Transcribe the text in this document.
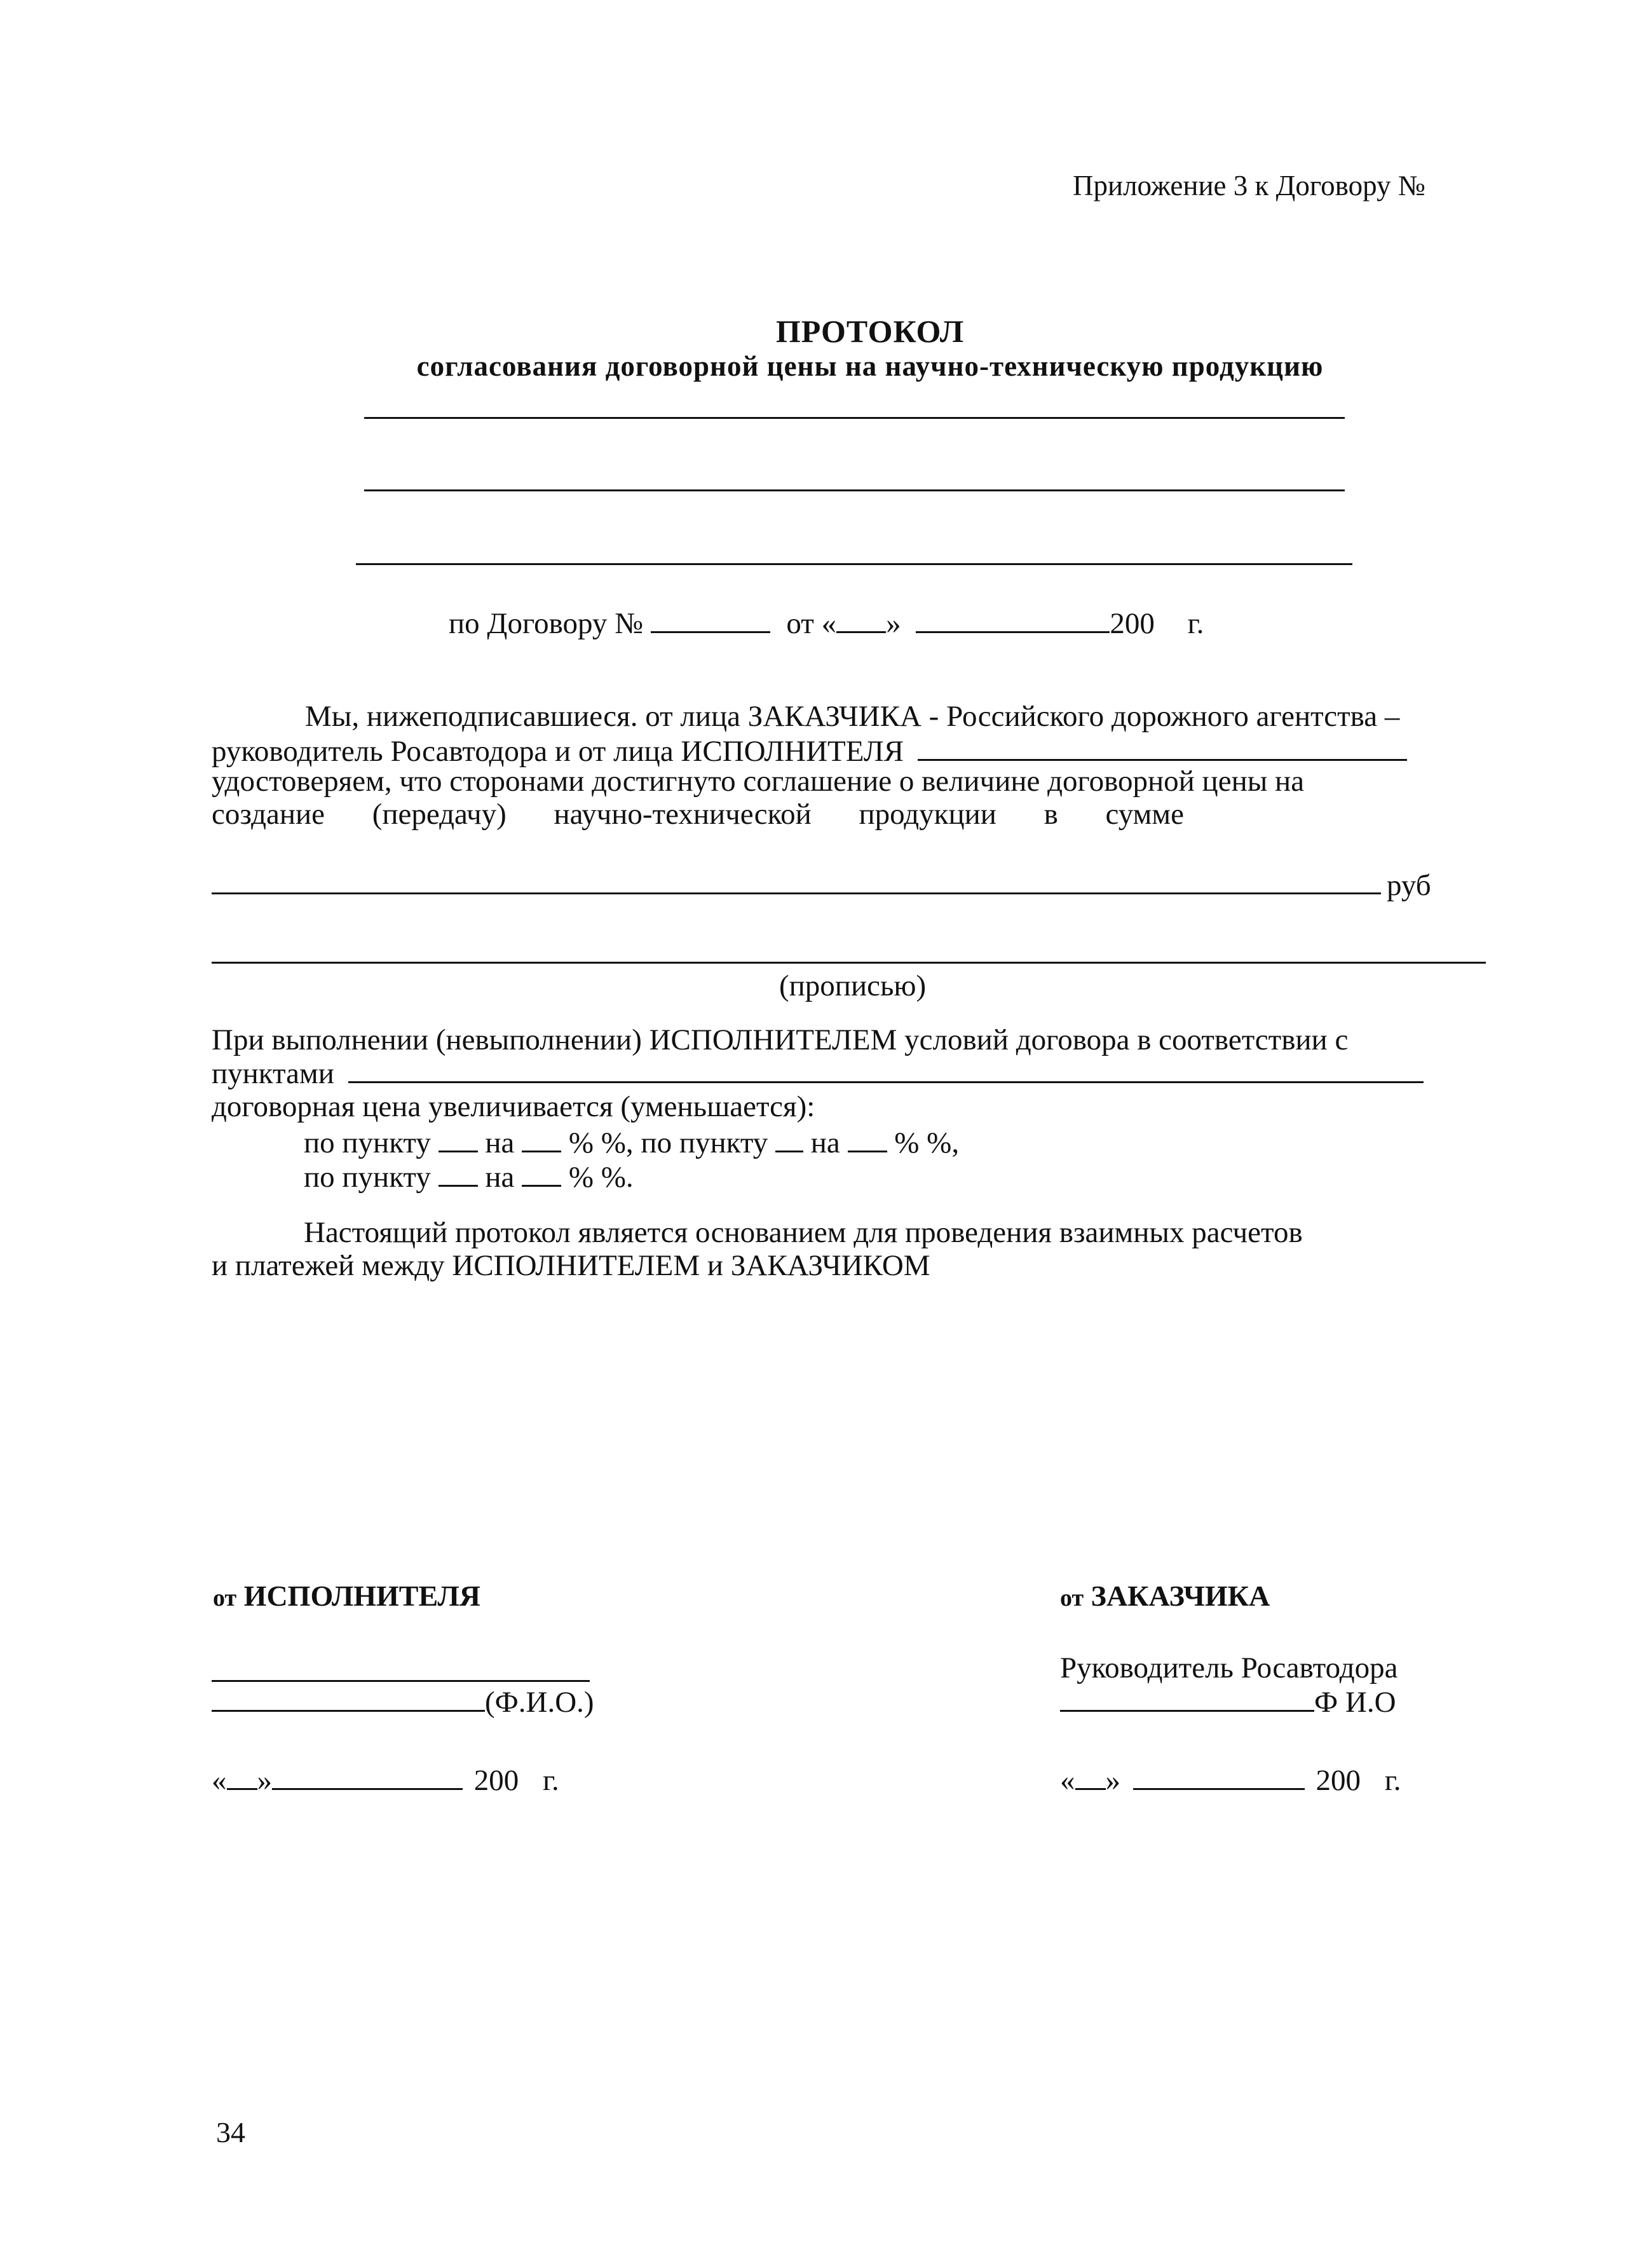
Приложение 3 к Договору №
ПРОТОКОЛ
согласования договорной цены на научно-техническую продукцию
по Договору №	от « »	200 г.
Мы, нижеподписавшиеся. от лица ЗАКАЗЧИКА - Российского дорожного агентства –
руководитель Росавтодора и от лица ИСПОЛНИТЕЛЯ
удостоверяем, что сторонами достигнуто соглашение о величине договорной цены на
создание (передачу) научно-технической продукции в сумме
руб
(прописью)
При выполнении (невыполнении) ИСПОЛНИТЕЛЕМ условий договора в соответствии с
пунктами
договорная цена увеличивается (уменьшается):
по пункту на % %, по пункту на % %,
по пункту на % %.
Настоящий протокол является основанием для проведения взаимных расчетов
и платежей между ИСПОЛНИТЕЛЕМ и ЗАКАЗЧИКОМ
от ИСПОЛНИТЕЛЯ
(Ф.И.О.)
« »	200 г.
от ЗАКАЗЧИКА
Руководитель Росавтодора
Ф И.О
« »	200 г.
34
